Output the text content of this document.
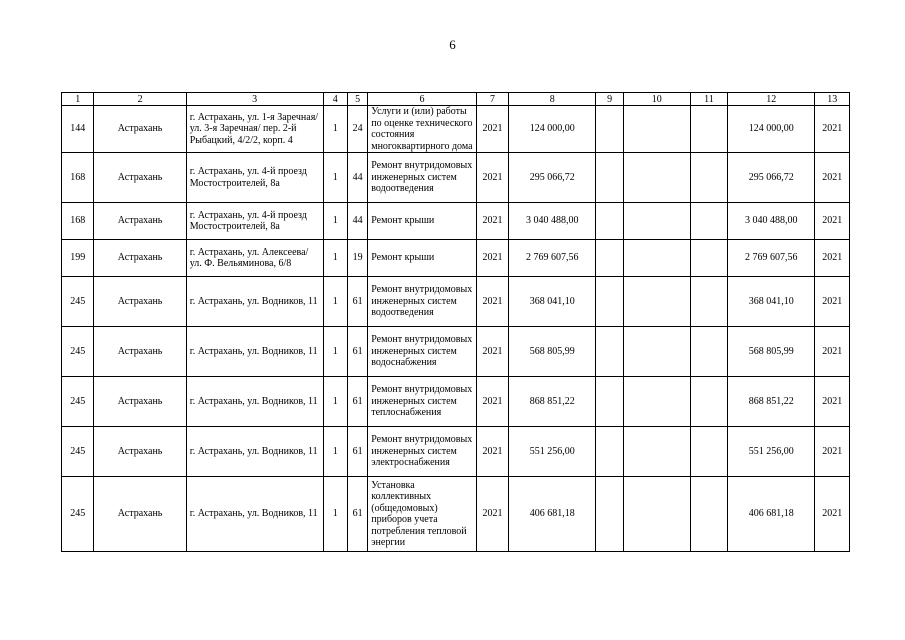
6
1	2	3	4	5	6	7	8	9	10	11	12	13
144	Астрахань	г. Астрахань, ул. 1-я Заречная/ ул. 3-я Заречная/ пер. 2-й Рыбацкий, 4/2/2, корп. 4	1	24	Услуги и (или) работы по оценке технического состояния многоквартирного дома	2021	124 000,00				124 000,00	2021
168	Астрахань	г. Астрахань, ул. 4-й проезд Мостостроителей, 8а	1	44	Ремонт внутридомовых инженерных систем водоотведения	2021	295 066,72				295 066,72	2021
168	Астрахань	г. Астрахань, ул. 4-й проезд Мостостроителей, 8а	1	44	Ремонт крыши	2021	3 040 488,00				3 040 488,00	2021
199	Астрахань	г. Астрахань, ул. Алексеева/ ул. Ф. Вельяминова, 6/8	1	19	Ремонт крыши	2021	2 769 607,56				2 769 607,56	2021
245	Астрахань	г. Астрахань, ул. Водников, 11	1	61	Ремонт внутридомовых инженерных систем водоотведения	2021	368 041,10				368 041,10	2021
245	Астрахань	г. Астрахань, ул. Водников, 11	1	61	Ремонт внутридомовых инженерных систем водоснабжения	2021	568 805,99				568 805,99	2021
245	Астрахань	г. Астрахань, ул. Водников, 11	1	61	Ремонт внутридомовых инженерных систем теплоснабжения	2021	868 851,22				868 851,22	2021
245	Астрахань	г. Астрахань, ул. Водников, 11	1	61	Ремонт внутридомовых инженерных систем электроснабжения	2021	551 256,00				551 256,00	2021
245	Астрахань	г. Астрахань, ул. Водников, 11	1	61	Установка коллективных (общедомовых) приборов учета потребления тепловой энергии	2021	406 681,18				406 681,18	2021
